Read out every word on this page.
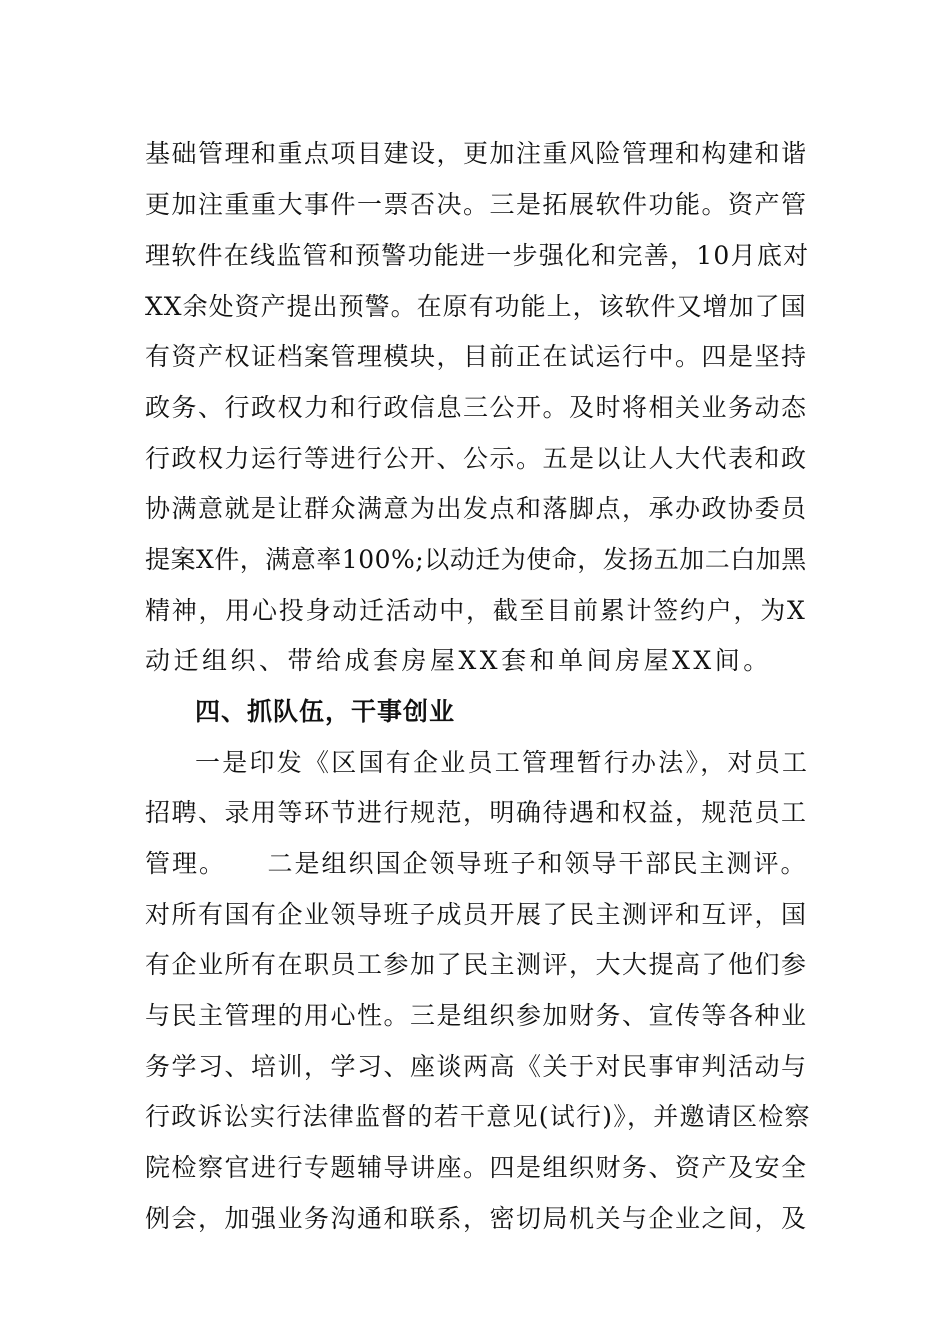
基础管理和重点项目建设，更加注重风险管理和构建和谐
更加注重重大事件一票否决。三是拓展软件功能。资产管
理软件在线监管和预警功能进一步强化和完善，10月底对
XX余处资产提出预警。在原有功能上，该软件又增加了国
有资产权证档案管理模块，目前正在试运行中。四是坚持
政务、行政权力和行政信息三公开。及时将相关业务动态
行政权力运行等进行公开、公示。五是以让人大代表和政
协满意就是让群众满意为出发点和落脚点，承办政协委员
提案X件，满意率100%;以动迁为使命，发扬五加二白加黑
精神，用心投身动迁活动中，截至目前累计签约户，为X
动迁组织、带给成套房屋XX套和单间房屋XX间。
四、抓队伍，干事创业
一是印发《区国有企业员工管理暂行办法》，对员工
招聘、录用等环节进行规范，明确待遇和权益，规范员工
管理。　　二是组织国企领导班子和领导干部民主测评。
对所有国有企业领导班子成员开展了民主测评和互评，国
有企业所有在职员工参加了民主测评，大大提高了他们参
与民主管理的用心性。三是组织参加财务、宣传等各种业
务学习、培训，学习、座谈两高《关于对民事审判活动与
行政诉讼实行法律监督的若干意见(试行)》，并邀请区检察
院检察官进行专题辅导讲座。四是组织财务、资产及安全
例会，加强业务沟通和联系，密切局机关与企业之间，及
